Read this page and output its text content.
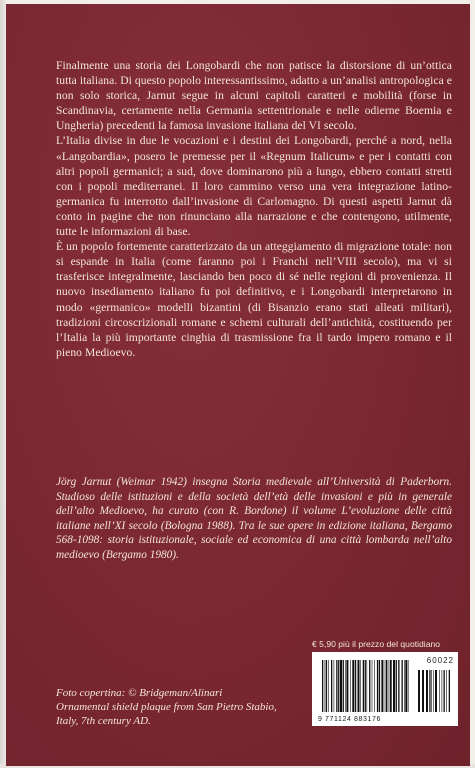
Finalmente una storia dei Longobardi che non patisce la distorsione di un’ottica tutta italiana. Di questo popolo interessantissimo, adatto a un’analisi antropologica e non solo storica, Jarnut segue in alcuni capitoli caratteri e mobilità (forse in Scandinavia, certamente nella Germania settentrionale e nelle odierne Boemia e Ungheria) precedenti la famosa invasione italiana del VI secolo.

L’Italia divise in due le vocazioni e i destini dei Longobardi, perché a nord, nella «Langobardia», posero le premesse per il «Regnum Italicum» e per i contatti con altri popoli germanici; a sud, dove dominarono più a lungo, ebbero contatti stretti con i popoli mediterranei. Il loro cammino verso una vera integrazione latino-germanica fu interrotto dall’invasione di Carlomagno. Di questi aspetti Jarnut dà conto in pagine che non rinunciano alla narrazione e che contengono, utilmente, tutte le informazioni di base.

È un popolo fortemente caratterizzato da un atteggiamento di migrazione totale: non si espande in Italia (come faranno poi i Franchi nell’VIII secolo), ma vi si trasferisce integralmente, lasciando ben poco di sé nelle regioni di provenienza. Il nuovo insediamento italiano fu poi definitivo, e i Longobardi interpretarono in modo «germanico» modelli bizantini (di Bisanzio erano stati alleati militari), tradizioni circoscrizionali romane e schemi culturali dell’antichità, costituendo per l’Italia la più importante cinghia di trasmissione fra il tardo impero romano e il pieno Medioevo.

Jörg Jarnut (Weimar 1942) insegna Storia medievale all’Università di Paderborn. Studioso delle istituzioni e della società dell’età delle invasioni e più in generale dell’alto Medioevo, ha curato (con R. Bordone) il volume L’evoluzione delle città italiane nell’XI secolo (Bologna 1988). Tra le sue opere in edizione italiana, Bergamo 568-1098: storia istituzionale, sociale ed economica di una città lombarda nell’alto medioevo (Bergamo 1980).

€ 5,90 più il prezzo del quotidiano
60022
9 771124 883176

Foto copertina: © Bridgeman/Alinari
Ornamental shield plaque from San Pietro Stabio,
Italy, 7th century AD.
